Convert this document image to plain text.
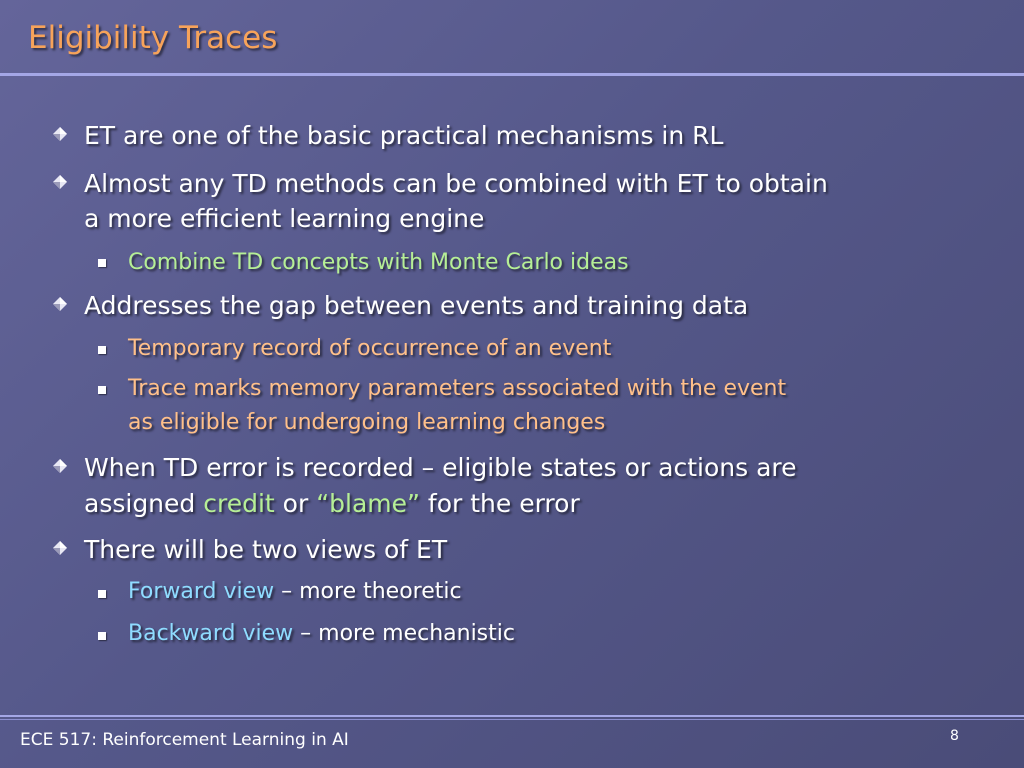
Eligibility Traces
ET are one of the basic practical mechanisms in RL
Almost any TD methods can be combined with ET to obtain
a more efficient learning engine
Combine TD concepts with Monte Carlo ideas
Addresses the gap between events and training data
Temporary record of occurrence of an event
Trace marks memory parameters associated with the event
as eligible for undergoing learning changes
When TD error is recorded – eligible states or actions are
assigned credit or “blame” for the error
There will be two views of ET
Forward view – more theoretic
Backward view – more mechanistic
ECE 517: Reinforcement Learning in AI	8
